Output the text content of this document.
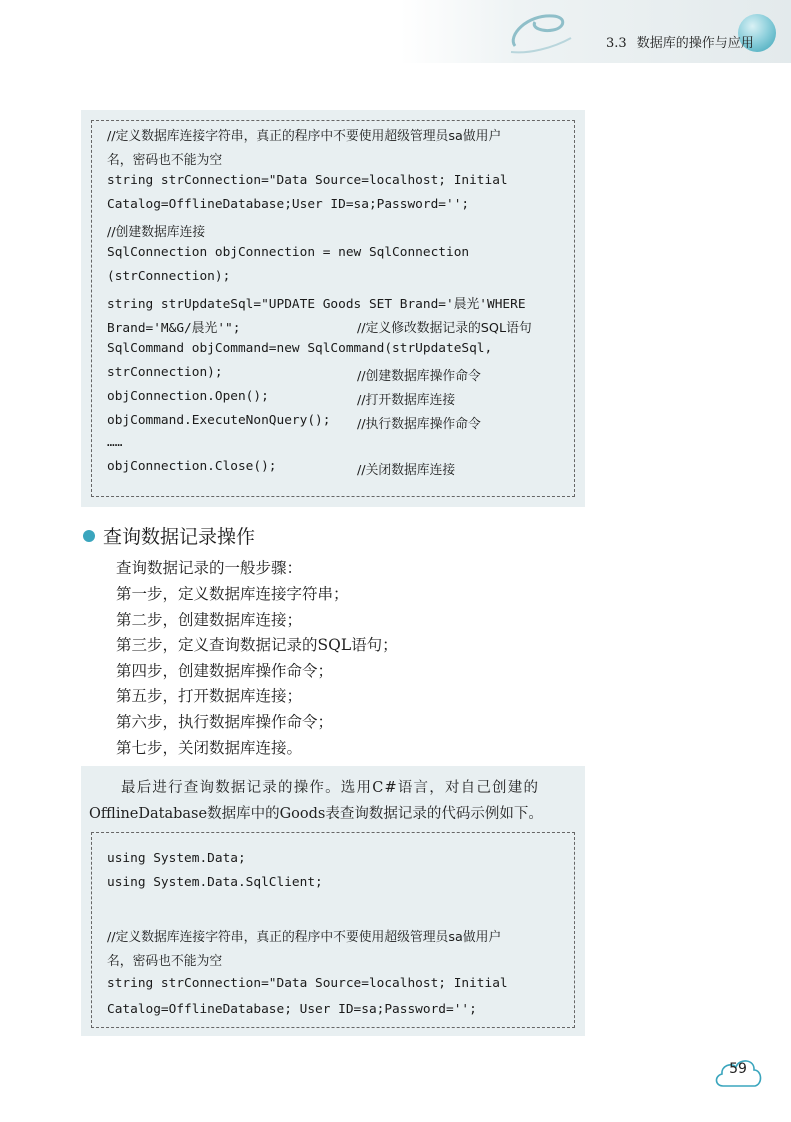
3.3 数据库的操作与应用
//定义数据库连接字符串，真正的程序中不要使用超级管理员sa做用户
名，密码也不能为空
string strConnection="Data Source=localhost; Initial
Catalog=OfflineDatabase;User ID=sa;Password='';
//创建数据库连接
SqlConnection objConnection = new SqlConnection
(strConnection);
string strUpdateSql="UPDATE Goods SET Brand='晨光'WHERE
Brand='M&G/晨光'";	//定义修改数据记录的SQL语句
SqlCommand objCommand=new SqlCommand(strUpdateSql,
strConnection);	//创建数据库操作命令
objConnection.Open();	//打开数据库连接
objCommand.ExecuteNonQuery(); //执行数据库操作命令
……
objConnection.Close();	//关闭数据库连接
查询数据记录操作
查询数据记录的一般步骤：
第一步，定义数据库连接字符串；
第二步，创建数据库连接；
第三步，定义查询数据记录的SQL语句；
第四步，创建数据库操作命令；
第五步，打开数据库连接；
第六步，执行数据库操作命令；
第七步，关闭数据库连接。
最后进行查询数据记录的操作。选用C#语言，对自己创建的
OfflineDatabase数据库中的Goods表查询数据记录的代码示例如下。
using System.Data;
using System.Data.SqlClient;
//定义数据库连接字符串，真正的程序中不要使用超级管理员sa做用户
名，密码也不能为空
string strConnection="Data Source=localhost; Initial
Catalog=OfflineDatabase; User ID=sa;Password='';
59
